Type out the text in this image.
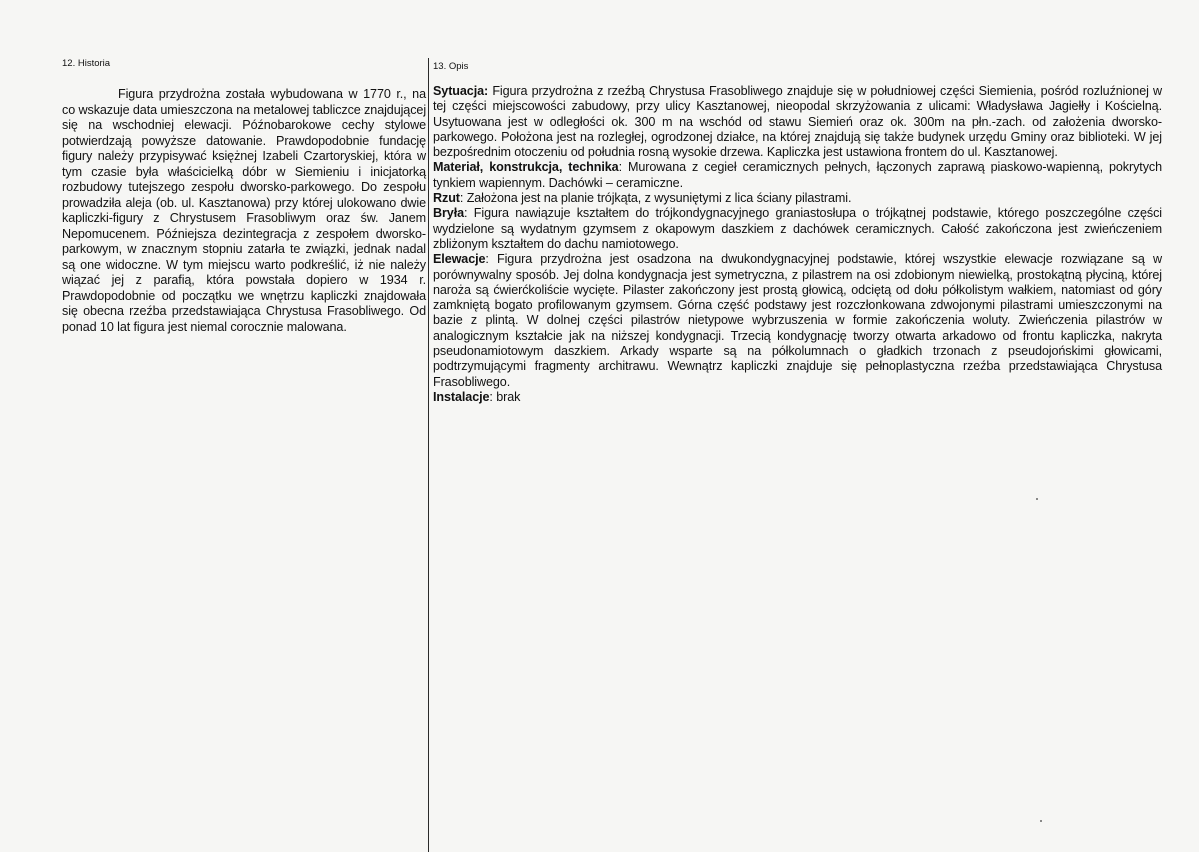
12. Historia

Figura przydrożna została wybudowana w 1770 r., na co wskazuje data umieszczona na metalowej tabliczce znajdującej się na wschodniej elewacji. Późnobarokowe cechy stylowe potwierdzają powyższe datowanie. Prawdopodobnie fundację figury należy przypisywać księżnej Izabeli Czartoryskiej, która w tym czasie była właścicielką dóbr w Siemieniu i inicjatorką rozbudowy tutejszego zespołu dworsko-parkowego. Do zespołu prowadziła aleja (ob. ul. Kasztanowa) przy której ulokowano dwie kapliczki-figury z Chrystusem Frasobliwym oraz św. Janem Nepomucenem. Późniejsza dezintegracja z zespołem dworsko-parkowym, w znacznym stopniu zatarła te związki, jednak nadal są one widoczne. W tym miejscu warto podkreślić, iż nie należy wiązać jej z parafią, która powstała dopiero w 1934 r. Prawdopodobnie od początku we wnętrzu kapliczki znajdowała się obecna rzeźba przedstawiająca Chrystusa Frasobliwego. Od ponad 10 lat figura jest niemal corocznie malowana.

13. Opis

Sytuacja: Figura przydrożna z rzeźbą Chrystusa Frasobliwego znajduje się w południowej części Siemienia, pośród rozluźnionej w tej części miejscowości zabudowy, przy ulicy Kasztanowej, nieopodal skrzyżowania z ulicami: Władysława Jagiełły i Kościelną. Usytuowana jest w odległości ok. 300 m na wschód od stawu Siemień oraz ok. 300m na płn.-zach. od założenia dworsko-parkowego. Położona jest na rozległej, ogrodzonej działce, na której znajdują się także budynek urzędu Gminy oraz biblioteki. W jej bezpośrednim otoczeniu od południa rosną wysokie drzewa. Kapliczka jest ustawiona frontem do ul. Kasztanowej.

Materiał, konstrukcja, technika: Murowana z cegieł ceramicznych pełnych, łączonych zaprawą piaskowo-wapienną, pokrytych tynkiem wapiennym. Dachówki – ceramiczne.

Rzut: Założona jest na planie trójkąta, z wysuniętymi z lica ściany pilastrami.

Bryła: Figura nawiązuje kształtem do trójkondygnacyjnego graniastosłupa o trójkątnej podstawie, którego poszczególne części wydzielone są wydatnym gzymsem z okapowym daszkiem z dachówek ceramicznych. Całość zakończona jest zwieńczeniem zbliżonym kształtem do dachu namiotowego.

Elewacje: Figura przydrożna jest osadzona na dwukondygnacyjnej podstawie, której wszystkie elewacje rozwiązane są w porównywalny sposób. Jej dolna kondygnacja jest symetryczna, z pilastrem na osi zdobionym niewielką, prostokątną płyciną, której naroża są ćwierćkoliście wycięte. Pilaster zakończony jest prostą głowicą, odciętą od dołu półkolistym wałkiem, natomiast od góry zamkniętą bogato profilowanym gzymsem. Górna część podstawy jest rozczłonkowana zdwojonymi pilastrami umieszczonymi na bazie z plintą. W dolnej części pilastrów nietypowe wybrzuszenia w formie zakończenia woluty. Zwieńczenia pilastrów w analogicznym kształcie jak na niższej kondygnacji. Trzecią kondygnację tworzy otwarta arkadowo od frontu kapliczka, nakryta pseudonamiotowym daszkiem. Arkady wsparte są na półkolumnach o gładkich trzonach z pseudojońskimi głowicami, podtrzymującymi fragmenty architrawu. Wewnątrz kapliczki znajduje się pełnoplastyczna rzeźba przedstawiająca Chrystusa Frasobliwego.

Instalacje: brak
